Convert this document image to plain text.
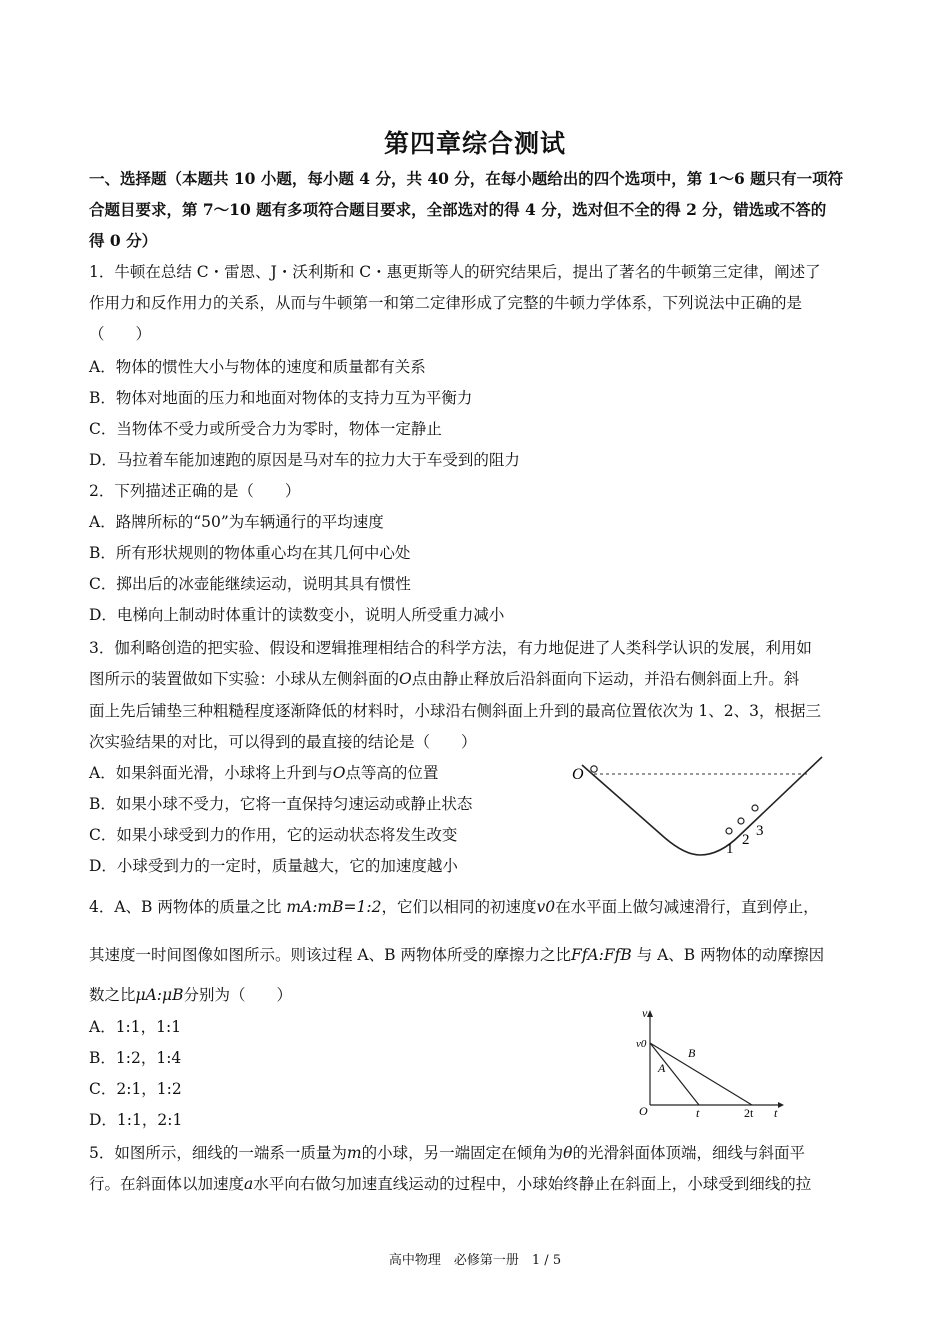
第四章综合测试
一、选择题（本题共 10 小题，每小题 4 分，共 40 分，在每小题给出的四个选项中，第 1～6 题只有一项符
合题目要求，第 7～10 题有多项符合题目要求，全部选对的得 4 分，选对但不全的得 2 分，错选或不答的
得 0 分）
1．牛顿在总结 C・雷恩、J・沃利斯和 C・惠更斯等人的研究结果后，提出了著名的牛顿第三定律，阐述了
作用力和反作用力的关系，从而与牛顿第一和第二定律形成了完整的牛顿力学体系，下列说法中正确的是
（　　）
A．物体的惯性大小与物体的速度和质量都有关系
B．物体对地面的压力和地面对物体的支持力互为平衡力
C．当物体不受力或所受合力为零时，物体一定静止
D．马拉着车能加速跑的原因是马对车的拉力大于车受到的阻力
2．下列描述正确的是（　　）
A．路牌所标的“50”为车辆通行的平均速度
B．所有形状规则的物体重心均在其几何中心处
C．掷出后的冰壶能继续运动，说明其具有惯性
D．电梯向上制动时体重计的读数变小，说明人所受重力减小
3．伽利略创造的把实验、假设和逻辑推理相结合的科学方法，有力地促进了人类科学认识的发展，利用如
图所示的装置做如下实验：小球从左侧斜面的O点由静止释放后沿斜面向下运动，并沿右侧斜面上升。斜
面上先后铺垫三种粗糙程度逐渐降低的材料时，小球沿右侧斜面上升到的最高位置依次为 1、2、3，根据三
次实验结果的对比，可以得到的最直接的结论是（　　）
A．如果斜面光滑，小球将上升到与O点等高的位置
B．如果小球不受力，它将一直保持匀速运动或静止状态
C．如果小球受到力的作用，它的运动状态将发生改变
D．小球受到力的一定时，质量越大，它的加速度越小
O
1
2
3
4．A、B 两物体的质量之比 mA:mB=1:2，它们以相同的初速度v0在水平面上做匀减速滑行，直到停止，
其速度一时间图像如图所示。则该过程 A、B 两物体所受的摩擦力之比FfA:FfB 与 A、B 两物体的动摩擦因
数之比μA:μB分别为（　　）
A．1:1，1:1
B．1:2，1:4
C．2:1，1:2
D．1:1，2:1
v
v0
A
B
O	t	2t t
5．如图所示，细线的一端系一质量为m的小球，另一端固定在倾角为θ的光滑斜面体顶端，细线与斜面平
行。在斜面体以加速度a水平向右做匀加速直线运动的过程中，小球始终静止在斜面上，小球受到细线的拉
高中物理　必修第一册　1 / 5
